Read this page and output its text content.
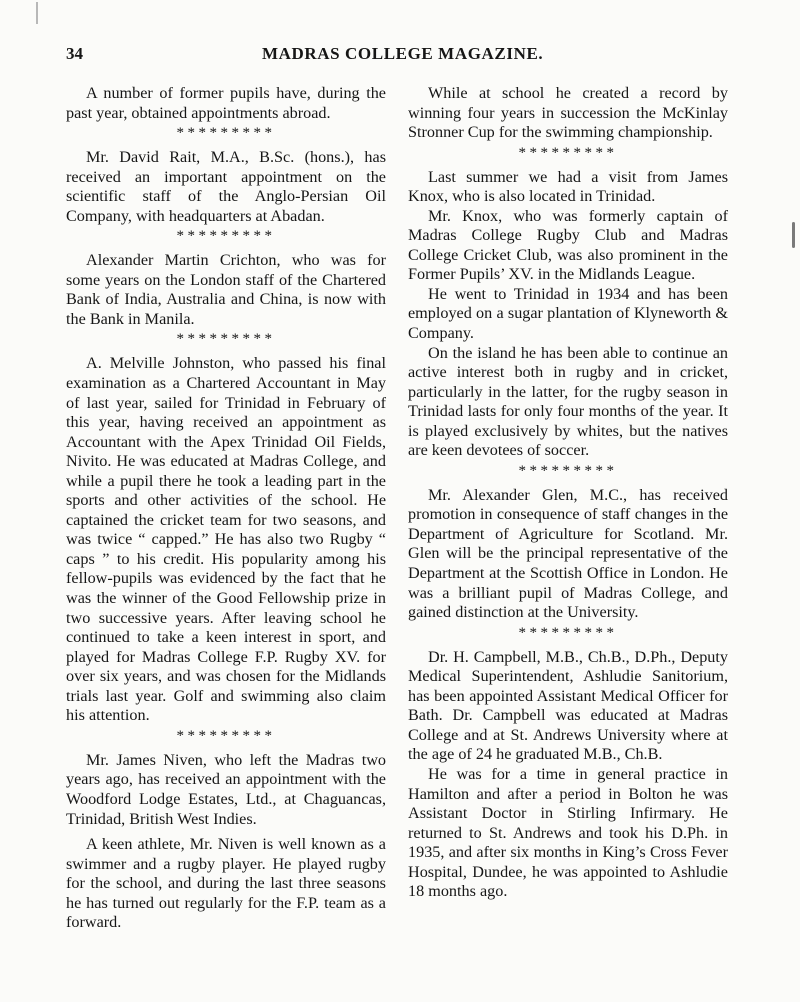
34	MADRAS COLLEGE MAGAZINE.

A number of former pupils have, during the past year, obtained appointments abroad.

*********

Mr. David Rait, M.A., B.Sc. (hons.), has received an important appointment on the scientific staff of the Anglo-Persian Oil Company, with headquarters at Abadan.

*********

Alexander Martin Crichton, who was for some years on the London staff of the Chartered Bank of India, Australia and China, is now with the Bank in Manila.

*********

A. Melville Johnston, who passed his final examination as a Chartered Accountant in May of last year, sailed for Trinidad in February of this year, having received an appointment as Accountant with the Apex Trinidad Oil Fields, Nivito. He was educated at Madras College, and while a pupil there he took a leading part in the sports and other activities of the school. He captained the cricket team for two seasons, and was twice “ capped.” He has also two Rugby “ caps ” to his credit. His popularity among his fellow-pupils was evidenced by the fact that he was the winner of the Good Fellowship prize in two successive years. After leaving school he continued to take a keen interest in sport, and played for Madras College F.P. Rugby XV. for over six years, and was chosen for the Midlands trials last year. Golf and swimming also claim his attention.

*********

Mr. James Niven, who left the Madras two years ago, has received an appointment with the Woodford Lodge Estates, Ltd., at Chaguancas, Trinidad, British West Indies.

A keen athlete, Mr. Niven is well known as a swimmer and a rugby player. He played rugby for the school, and during the last three seasons he has turned out regularly for the F.P. team as a forward.

While at school he created a record by winning four years in succession the McKinlay Stronner Cup for the swimming championship.

*********

Last summer we had a visit from James Knox, who is also located in Trinidad.

Mr. Knox, who was formerly captain of Madras College Rugby Club and Madras College Cricket Club, was also prominent in the Former Pupils’ XV. in the Midlands League.

He went to Trinidad in 1934 and has been employed on a sugar plantation of Klyneworth & Company.

On the island he has been able to continue an active interest both in rugby and in cricket, particularly in the latter, for the rugby season in Trinidad lasts for only four months of the year. It is played exclusively by whites, but the natives are keen devotees of soccer.

*********

Mr. Alexander Glen, M.C., has received promotion in consequence of staff changes in the Department of Agriculture for Scotland. Mr. Glen will be the principal representative of the Department at the Scottish Office in London. He was a brilliant pupil of Madras College, and gained distinction at the University.

*********

Dr. H. Campbell, M.B., Ch.B., D.Ph., Deputy Medical Superintendent, Ashludie Sanitorium, has been appointed Assistant Medical Officer for Bath. Dr. Campbell was educated at Madras College and at St. Andrews University where at the age of 24 he graduated M.B., Ch.B.

He was for a time in general practice in Hamilton and after a period in Bolton he was Assistant Doctor in Stirling Infirmary. He returned to St. Andrews and took his D.Ph. in 1935, and after six months in King’s Cross Fever Hospital, Dundee, he was appointed to Ashludie 18 months ago.
